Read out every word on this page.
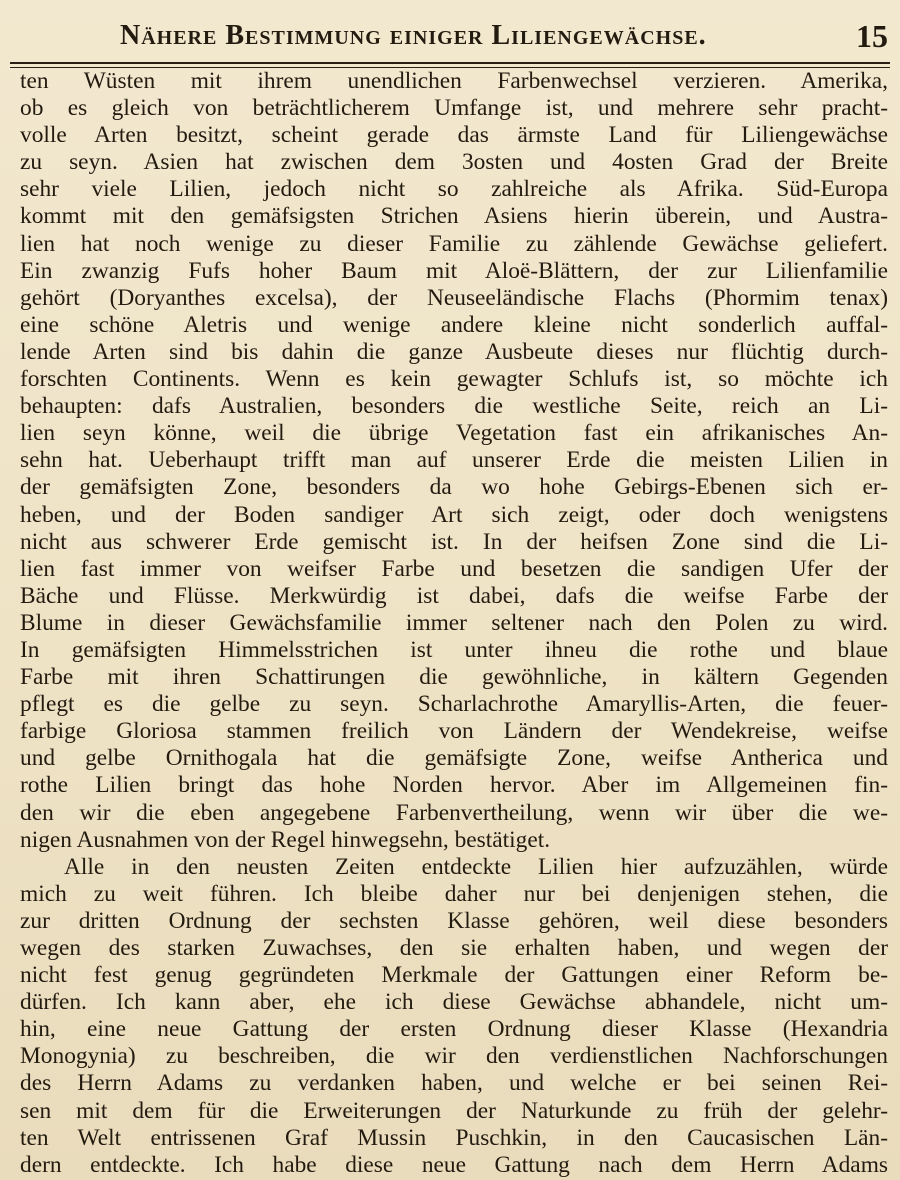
Nähere Bestimmung einiger Liliengewächse.	15
ten Wüsten mit ihrem unendlichen Farbenwechsel verzieren. Amerika,
ob es gleich von beträchtlicherem Umfange ist, und mehrere sehr pracht-
volle Arten besitzt, scheint gerade das ärmste Land für Liliengewächse
zu seyn. Asien hat zwischen dem 3osten und 4osten Grad der Breite
sehr viele Lilien, jedoch nicht so zahlreiche als Afrika. Süd-Europa
kommt mit den gemäfsigsten Strichen Asiens hierin überein, und Austra-
lien hat noch wenige zu dieser Familie zu zählende Gewächse geliefert.
Ein zwanzig Fufs hoher Baum mit Aloë-Blättern, der zur Lilienfamilie
gehört (Doryanthes excelsa), der Neuseeländische Flachs (Phormim tenax)
eine schöne Aletris und wenige andere kleine nicht sonderlich auffal-
lende Arten sind bis dahin die ganze Ausbeute dieses nur flüchtig durch-
forschten Continents. Wenn es kein gewagter Schlufs ist, so möchte ich
behaupten: dafs Australien, besonders die westliche Seite, reich an Li-
lien seyn könne, weil die übrige Vegetation fast ein afrikanisches An-
sehn hat. Ueberhaupt trifft man auf unserer Erde die meisten Lilien in
der gemäfsigten Zone, besonders da wo hohe Gebirgs-Ebenen sich er-
heben, und der Boden sandiger Art sich zeigt, oder doch wenigstens
nicht aus schwerer Erde gemischt ist. In der heifsen Zone sind die Li-
lien fast immer von weifser Farbe und besetzen die sandigen Ufer der
Bäche und Flüsse. Merkwürdig ist dabei, dafs die weifse Farbe der
Blume in dieser Gewächsfamilie immer seltener nach den Polen zu wird.
In gemäfsigten Himmelsstrichen ist unter ihneu die rothe und blaue
Farbe mit ihren Schattirungen die gewöhnliche, in kältern Gegenden
pflegt es die gelbe zu seyn. Scharlachrothe Amaryllis-Arten, die feuer-
farbige Gloriosa stammen freilich von Ländern der Wendekreise, weifse
und gelbe Ornithogala hat die gemäfsigte Zone, weifse Antherica und
rothe Lilien bringt das hohe Norden hervor. Aber im Allgemeinen fin-
den wir die eben angegebene Farbenvertheilung, wenn wir über die we-
nigen Ausnahmen von der Regel hinwegsehn, bestätiget.
Alle in den neusten Zeiten entdeckte Lilien hier aufzuzählen, würde
mich zu weit führen. Ich bleibe daher nur bei denjenigen stehen, die
zur dritten Ordnung der sechsten Klasse gehören, weil diese besonders
wegen des starken Zuwachses, den sie erhalten haben, und wegen der
nicht fest genug gegründeten Merkmale der Gattungen einer Reform be-
dürfen. Ich kann aber, ehe ich diese Gewächse abhandele, nicht um-
hin, eine neue Gattung der ersten Ordnung dieser Klasse (Hexandria
Monogynia) zu beschreiben, die wir den verdienstlichen Nachforschungen
des Herrn Adams zu verdanken haben, und welche er bei seinen Rei-
sen mit dem für die Erweiterungen der Naturkunde zu früh der gelehr-
ten Welt entrissenen Graf Mussin Puschkin, in den Caucasischen Län-
dern entdeckte. Ich habe diese neue Gattung nach dem Herrn Adams
